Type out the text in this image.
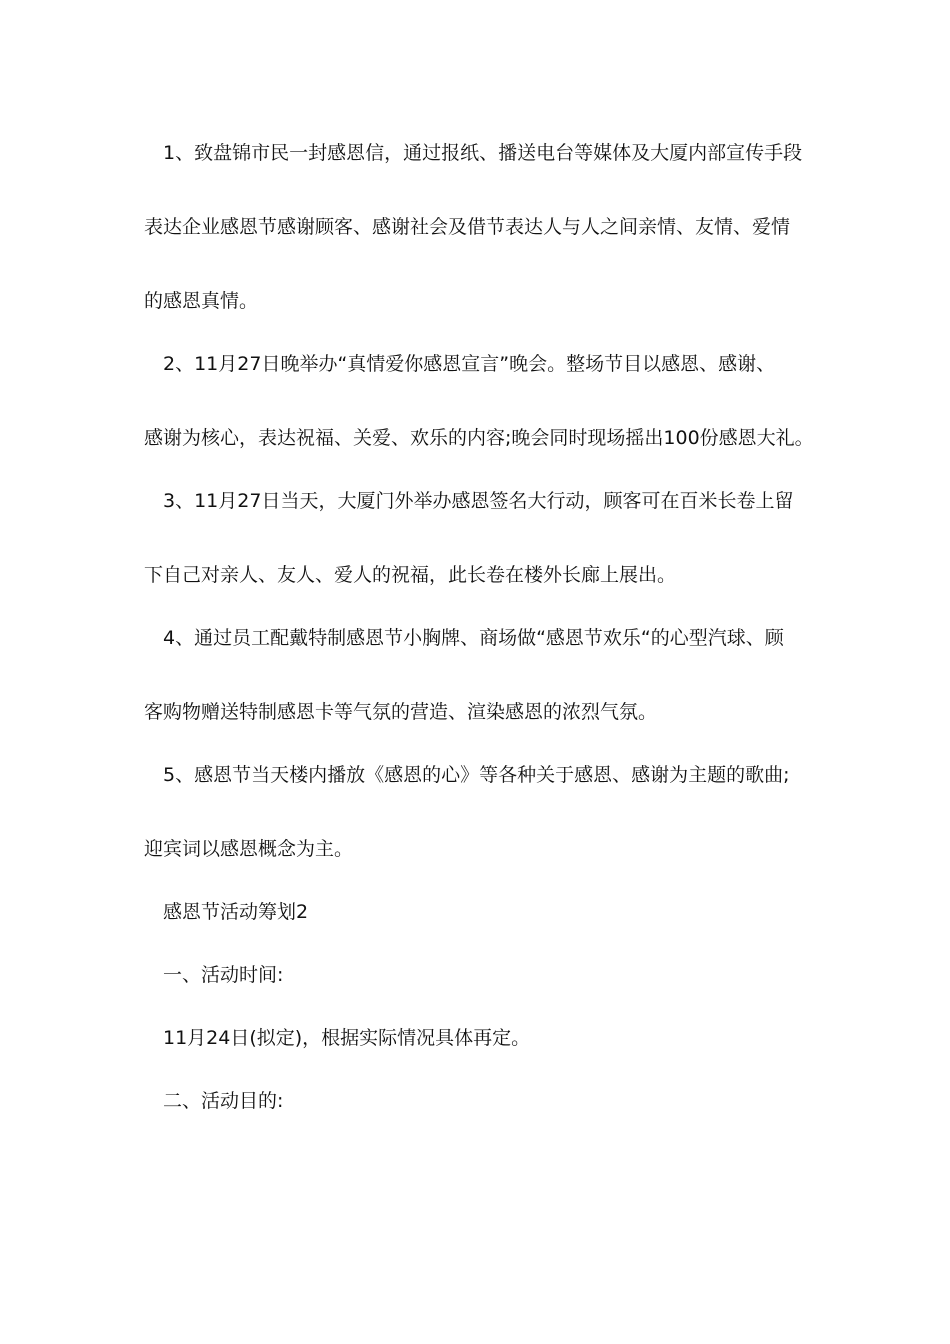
1、致盘锦市民一封感恩信，通过报纸、播送电台等媒体及大厦内部宣传手段
表达企业感恩节感谢顾客、感谢社会及借节表达人与人之间亲情、友情、爱情
的感恩真情。
2、11月27日晚举办“真情爱你感恩宣言”晚会。整场节目以感恩、感谢、
感谢为核心，表达祝福、关爱、欢乐的内容;晚会同时现场摇出100份感恩大礼。
3、11月27日当天，大厦门外举办感恩签名大行动，顾客可在百米长卷上留
下自己对亲人、友人、爱人的祝福，此长卷在楼外长廊上展出。
4、通过员工配戴特制感恩节小胸牌、商场做“感恩节欢乐“的心型汽球、顾
客购物赠送特制感恩卡等气氛的营造、渲染感恩的浓烈气氛。
5、感恩节当天楼内播放《感恩的心》等各种关于感恩、感谢为主题的歌曲;
迎宾词以感恩概念为主。
感恩节活动筹划2
一、活动时间:
11月24日(拟定)，根据实际情况具体再定。
二、活动目的:
